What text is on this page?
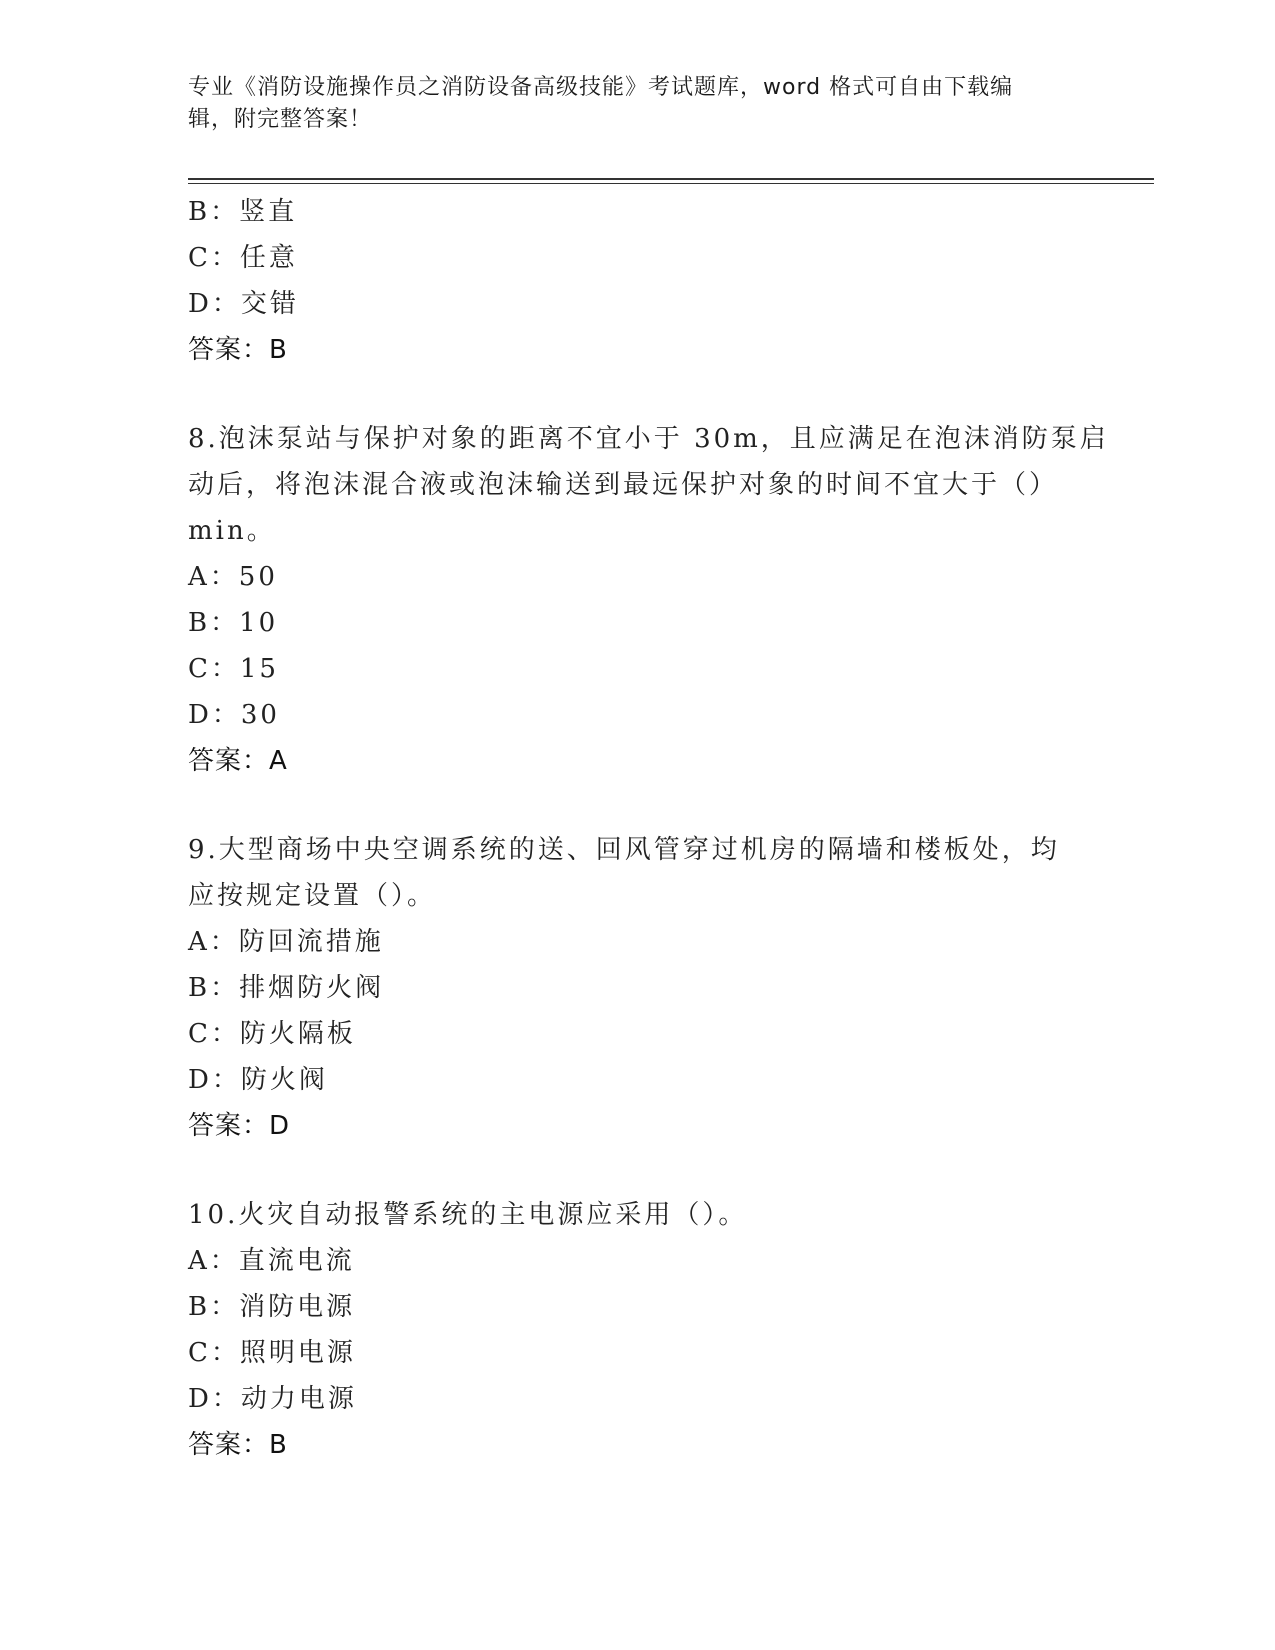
专业《消防设施操作员之消防设备高级技能》考试题库，word 格式可自由下载编
辑，附完整答案！
B：竖直
C：任意
D：交错
答案：B
8.泡沫泵站与保护对象的距离不宜小于 30m，且应满足在泡沫消防泵启
动后，将泡沫混合液或泡沫输送到最远保护对象的时间不宜大于（）
min。
A：50
B：10
C：15
D：30
答案：A
9.大型商场中央空调系统的送、回风管穿过机房的隔墙和楼板处，均
应按规定设置（）。
A：防回流措施
B：排烟防火阀
C：防火隔板
D：防火阀
答案：D
10.火灾自动报警系统的主电源应采用（）。
A：直流电流
B：消防电源
C：照明电源
D：动力电源
答案：B
